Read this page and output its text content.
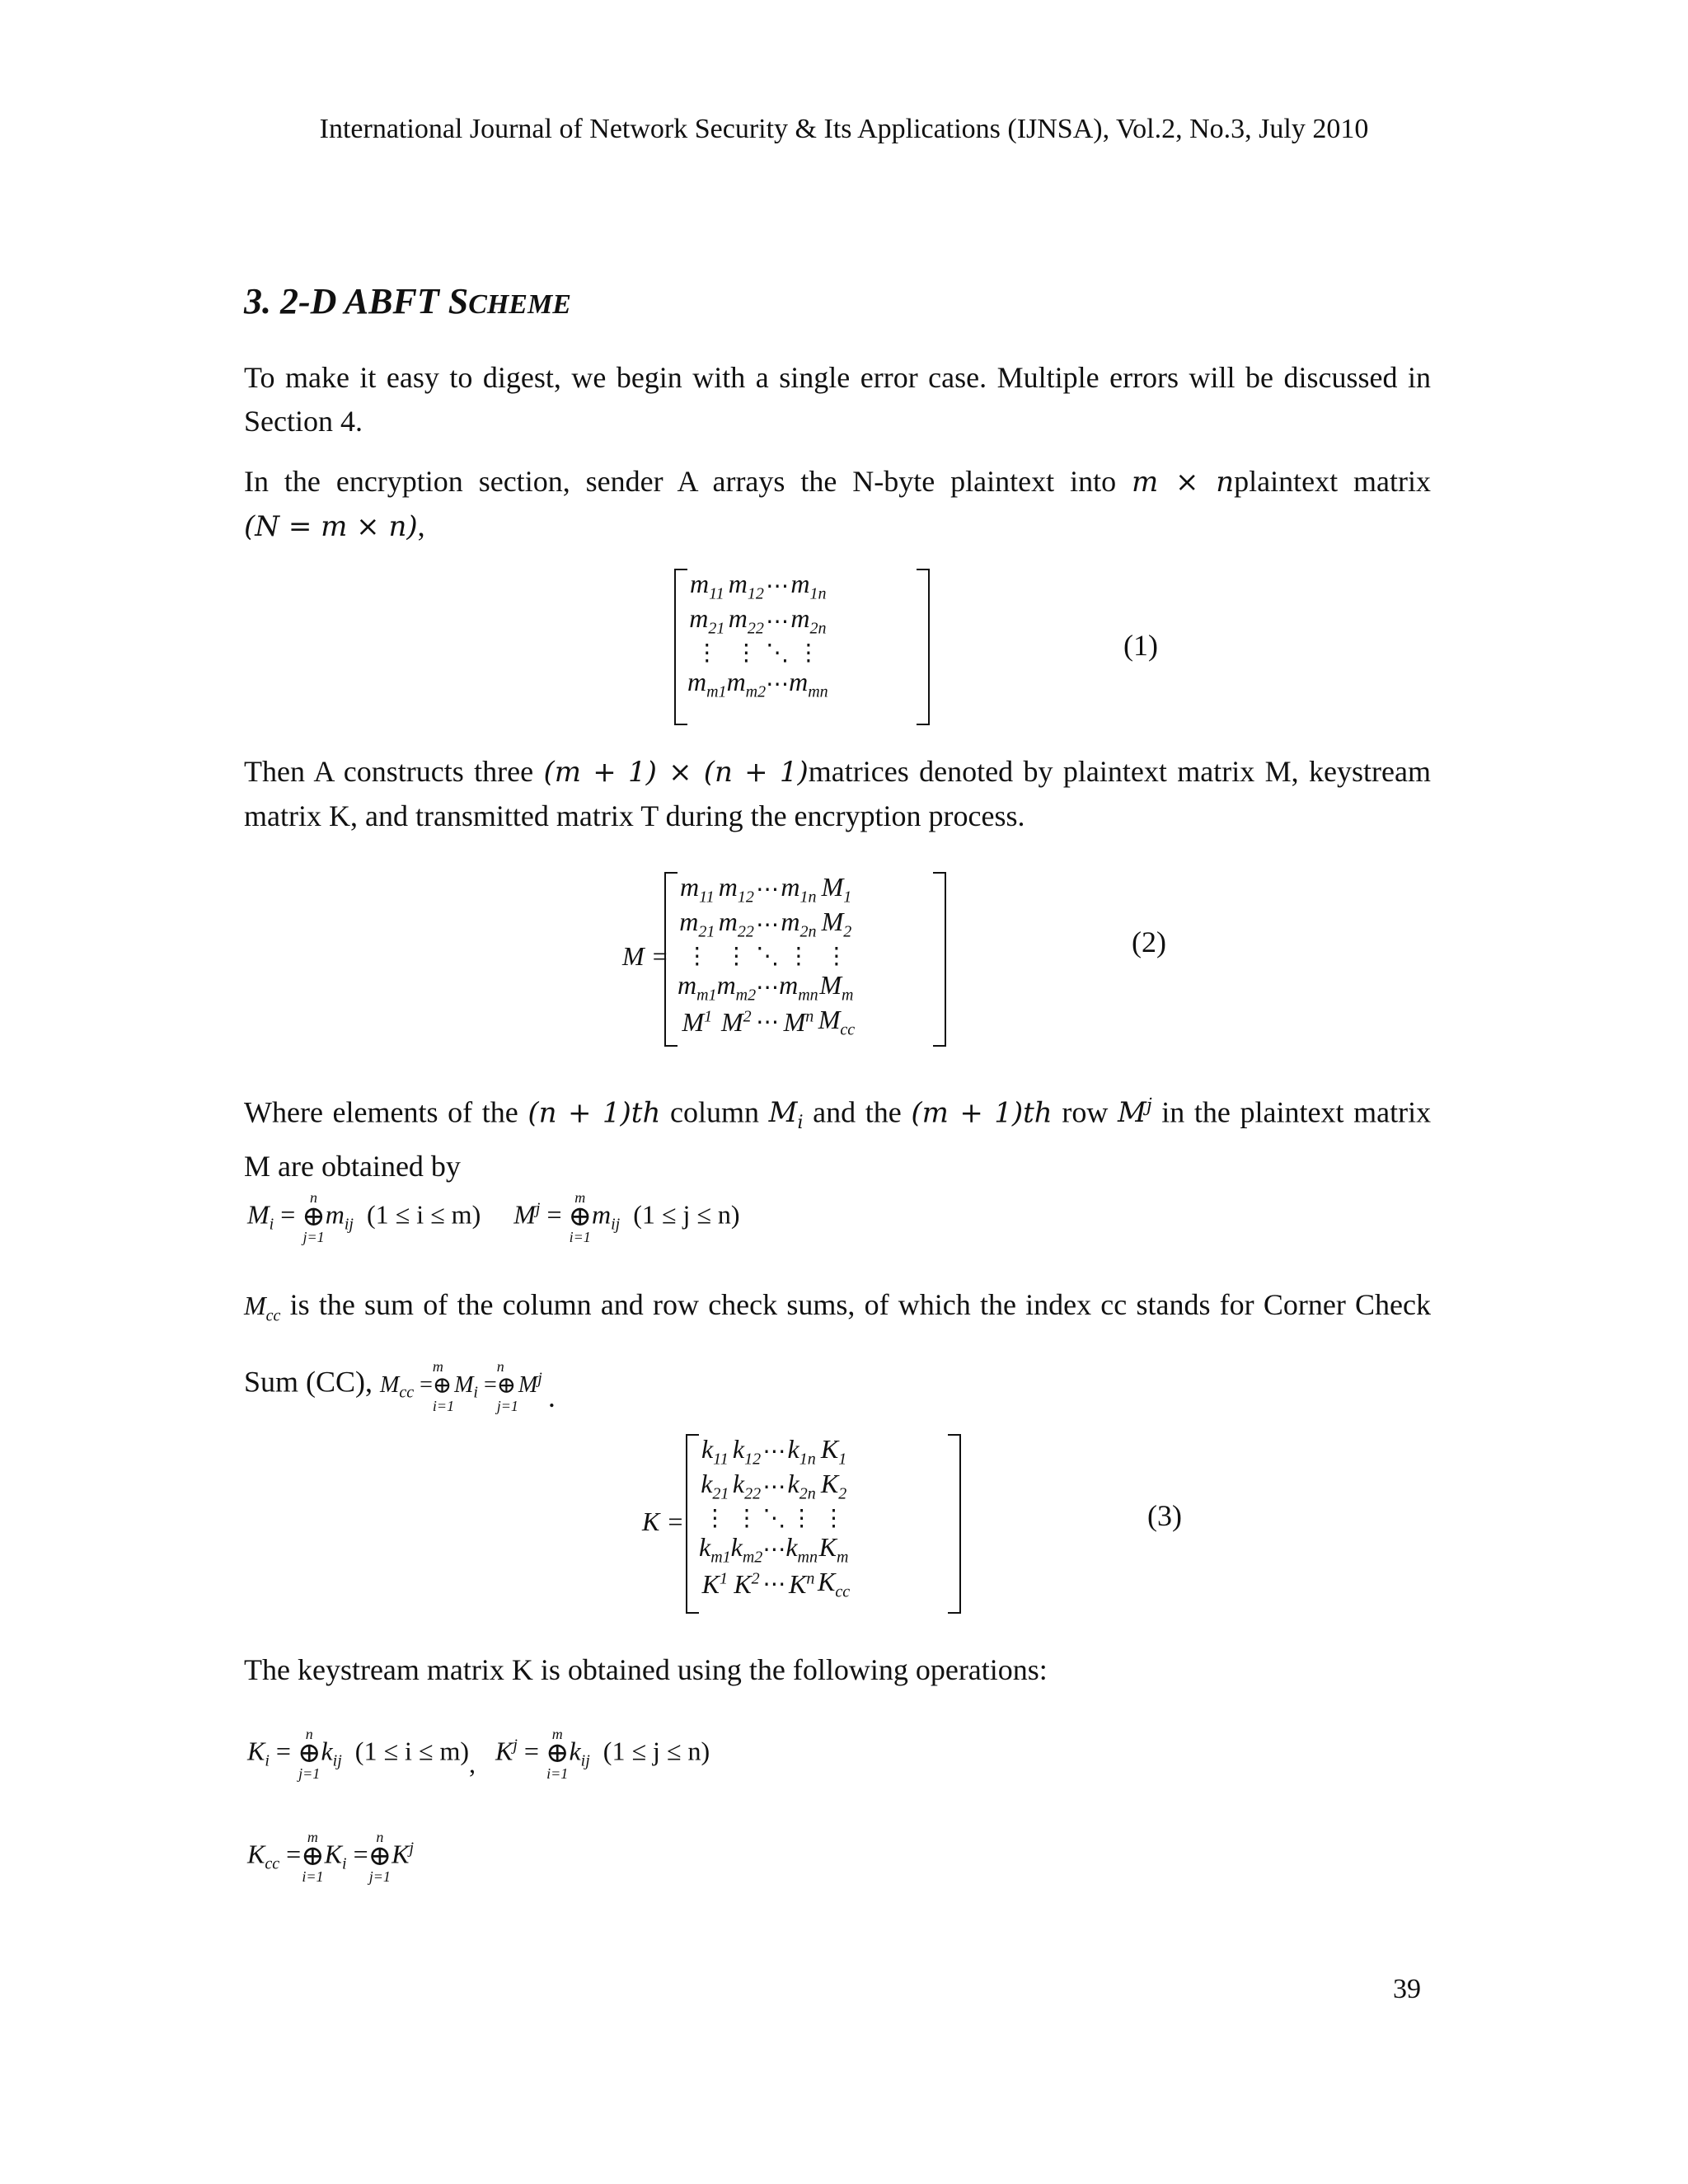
International Journal of Network Security & Its Applications (IJNSA), Vol.2, No.3, July 2010
3. 2-D ABFT SCHEME
To make it easy to digest, we begin with a single error case. Multiple errors will be discussed in
Section 4.
In the encryption section, sender A arrays the N-byte plaintext into m × nplaintext matrix
(N = m × n),
$m_{11}$	$m_{12}$	⋯	$m_{1n}$
$m_{21}$	$m_{22}$	⋯	$m_{2n}$
⋮	⋮	⋱	⋮
$m_{m1}$	$m_{m2}$	⋯	$m_{mn}$
(1)
Then A constructs three (m + 1) × (n + 1)matrices denoted by plaintext matrix M, keystream
matrix K, and transmitted matrix T during the encryption process.
M =
$m_{11}$	$m_{12}$	⋯	$m_{1n}$	$M_1$
$m_{21}$	$m_{22}$	⋯	$m_{2n}$	$M_2$
⋮	⋮	⋱	⋮	⋮
$m_{m1}$	$m_{m2}$	⋯	$m_{mn}$	$M_m$
$M^1$	$M^2$	⋯	$M^n$	$M_{cc}$
(2)
Where elements of the (n + 1)th column $M_i$ and the (m + 1)th row $M^j$ in the plaintext matrix
M are obtained by
$M_i$ =
n
⊕
j=1
$m_{ij}$ (1 ≤ i ≤ m) $M^j$ =
m
⊕
i=1
$m_{ij}$ (1 ≤ j ≤ n)
$M_{cc}$ is the sum of the column and row check sums, of which the index cc stands for Corner Check
Sum (CC), $M_{cc}$ =
m
⊕
i=1
$M_i$ =
n
⊕
j=1
$M^j$ .
K =
$k_{11}$	$k_{12}$	⋯	$k_{1n}$	$K_1$
$k_{21}$	$k_{22}$	⋯	$k_{2n}$	$K_2$
⋮	⋮	⋱	⋮	⋮
$k_{m1}$	$k_{m2}$	⋯	$k_{mn}$	$K_m$
$K^1$	$K^2$	⋯	$K^n$	$K_{cc}$
(3)
The keystream matrix K is obtained using the following operations:
$K_i$ =
n
⊕
j=1
$k_{ij}$ (1 ≤ i ≤ m), $K^j$ =
m
⊕
i=1
$k_{ij}$ (1 ≤ j ≤ n)
$K_{cc}$ =
m
⊕
i=1
$K_i$ =
n
⊕
j=1
$K^j$
39
